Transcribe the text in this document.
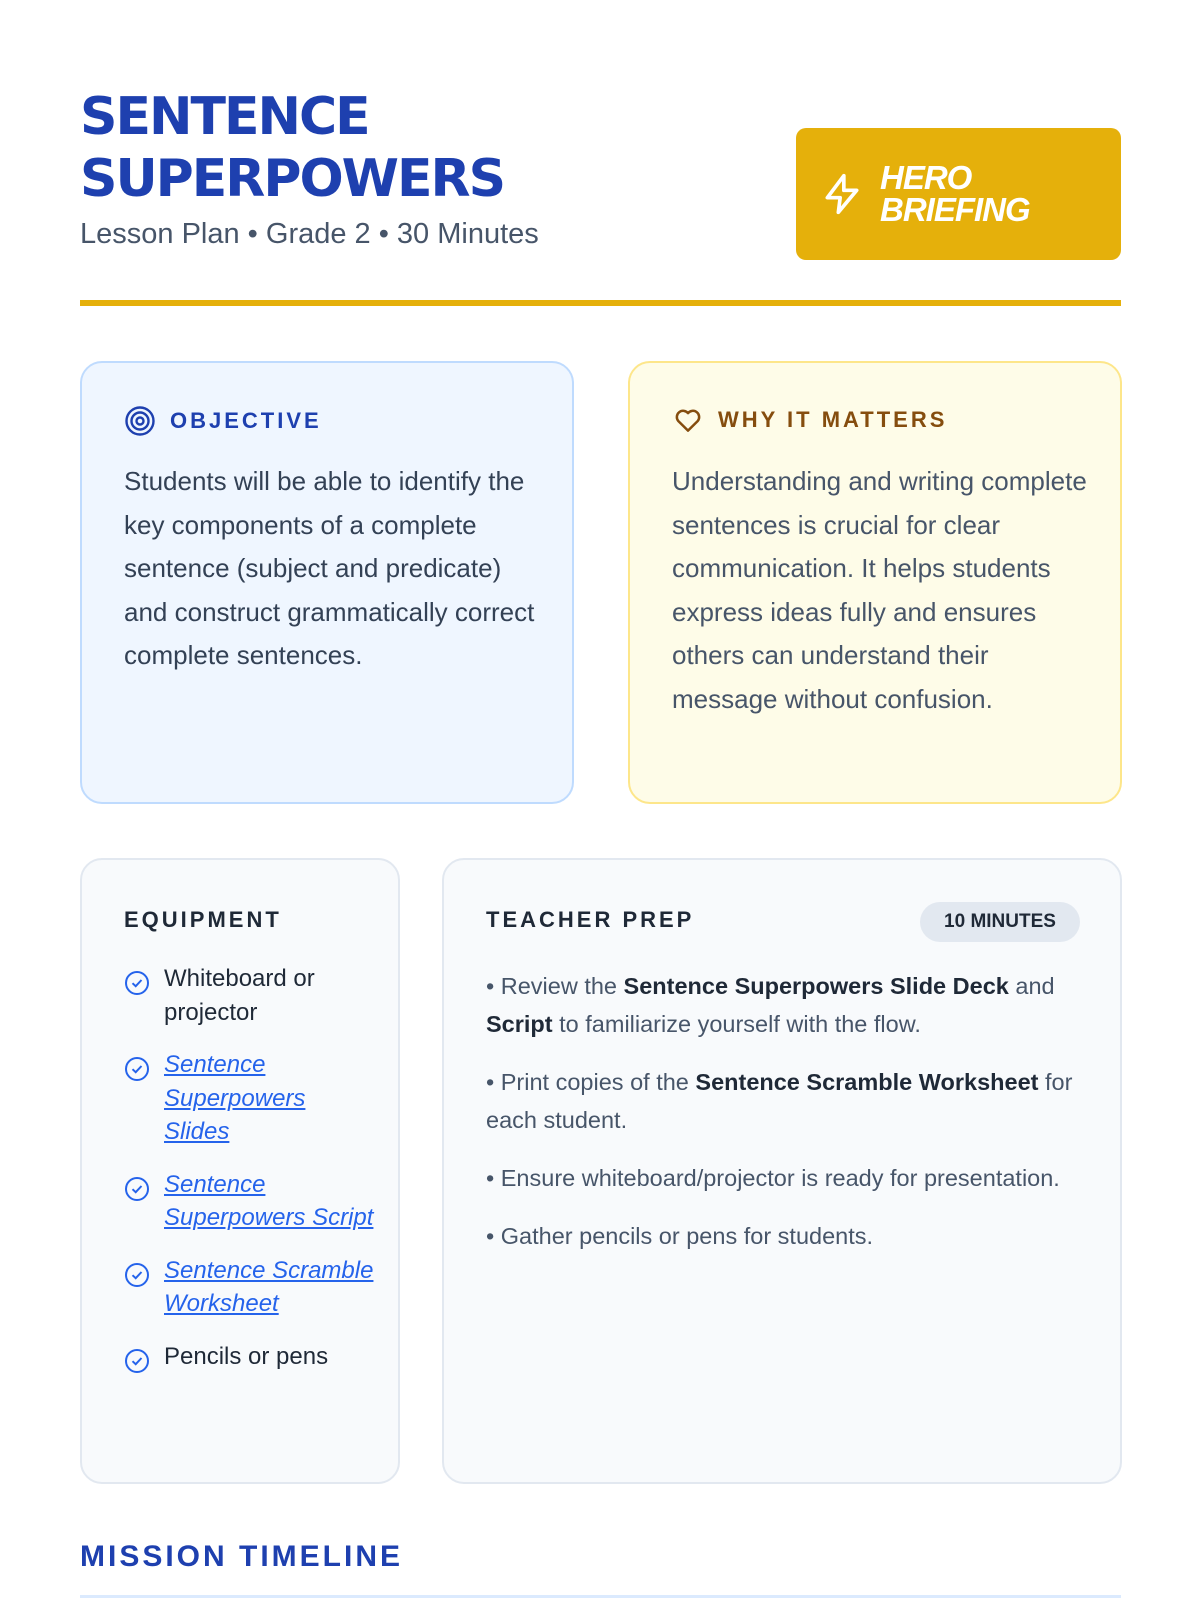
SENTENCE SUPERPOWERS

Lesson Plan • Grade 2 • 30 Minutes

HERO BRIEFING
OBJECTIVE

Students will be able to identify the key components of a complete sentence (subject and predicate) and construct grammatically correct complete sentences.

WHY IT MATTERS

Understanding and writing complete sentences is crucial for clear communication. It helps students express ideas fully and ensures others can understand their message without confusion.

EQUIPMENT
Whiteboard or projector
Sentence Superpowers Slides
Sentence Superpowers Script
Sentence Scramble Worksheet
Pencils or pens
TEACHER PREP	10 MINUTES
• Review the Sentence Superpowers Slide Deck and Script to familiarize yourself with the flow.
• Print copies of the Sentence Scramble Worksheet for each student.
• Ensure whiteboard/projector is ready for presentation.
• Gather pencils or pens for students.
MISSION TIMELINE
